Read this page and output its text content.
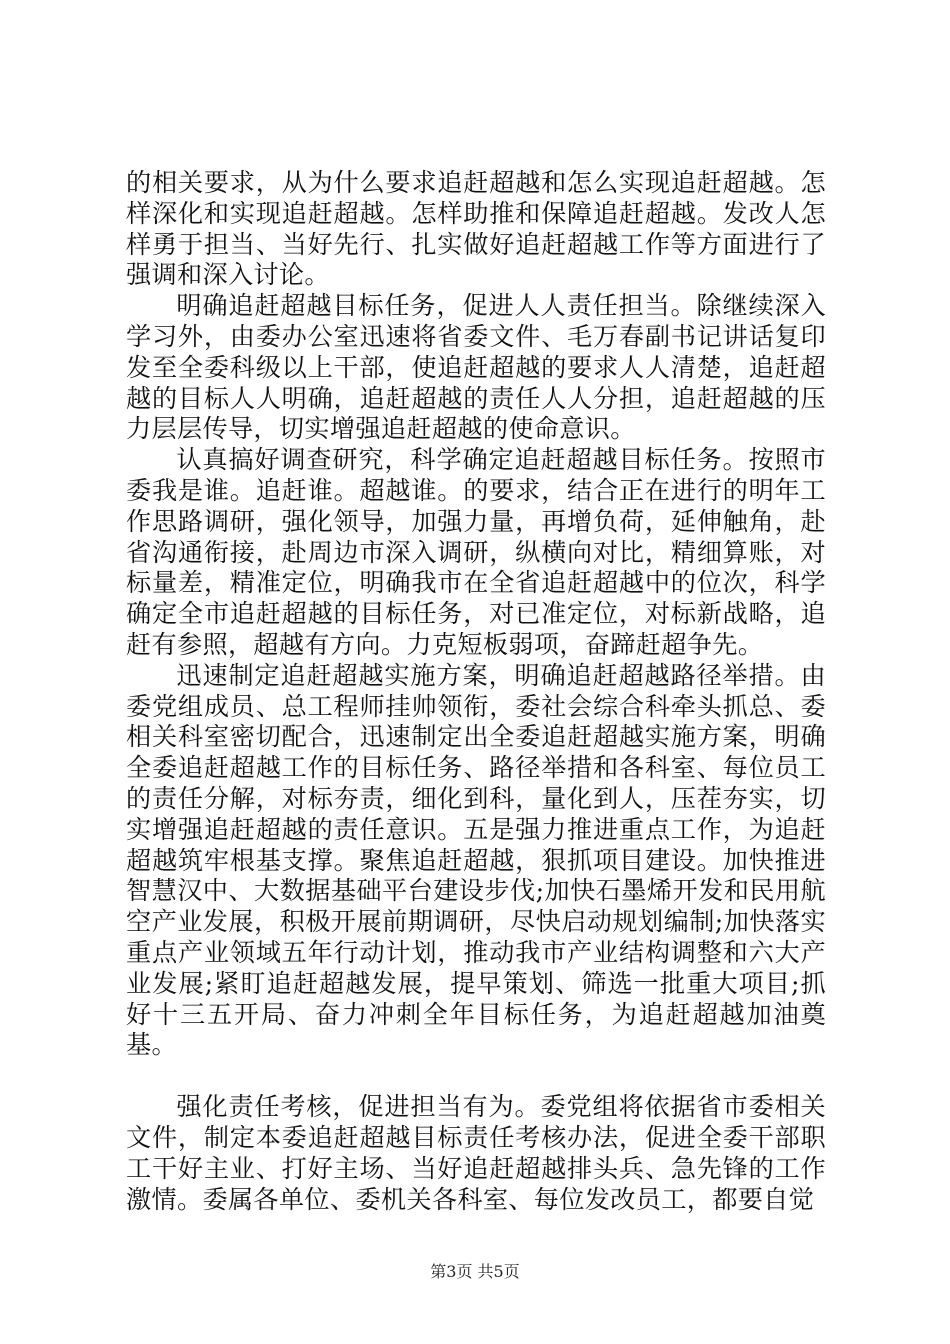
的相关要求，从为什么要求追赶超越和怎么实现追赶超越。怎样深化和实现追赶超越。怎样助推和保障追赶超越。发改人怎样勇于担当、当好先行、扎实做好追赶超越工作等方面进行了强调和深入讨论。

明确追赶超越目标任务，促进人人责任担当。除继续深入学习外，由委办公室迅速将省委文件、毛万春副书记讲话复印发至全委科级以上干部，使追赶超越的要求人人清楚，追赶超越的目标人人明确，追赶超越的责任人人分担，追赶超越的压力层层传导，切实增强追赶超越的使命意识。

认真搞好调查研究，科学确定追赶超越目标任务。按照市委我是谁。追赶谁。超越谁。的要求，结合正在进行的明年工作思路调研，强化领导，加强力量，再增负荷，延伸触角，赴省沟通衔接，赴周边市深入调研，纵横向对比，精细算账，对标量差，精准定位，明确我市在全省追赶超越中的位次，科学确定全市追赶超越的目标任务，对已准定位，对标新战略，追赶有参照，超越有方向。力克短板弱项，奋蹄赶超争先。

迅速制定追赶超越实施方案，明确追赶超越路径举措。由委党组成员、总工程师挂帅领衔，委社会综合科牵头抓总、委相关科室密切配合，迅速制定出全委追赶超越实施方案，明确全委追赶超越工作的目标任务、路径举措和各科室、每位员工的责任分解，对标夯责，细化到科，量化到人，压茬夯实，切实增强追赶超越的责任意识。五是强力推进重点工作，为追赶超越筑牢根基支撑。聚焦追赶超越，狠抓项目建设。加快推进智慧汉中、大数据基础平台建设步伐;加快石墨烯开发和民用航空产业发展，积极开展前期调研，尽快启动规划编制;加快落实重点产业领域五年行动计划，推动我市产业结构调整和六大产业发展;紧盯追赶超越发展，提早策划、筛选一批重大项目;抓好十三五开局、奋力冲刺全年目标任务，为追赶超越加油奠基。

强化责任考核，促进担当有为。委党组将依据省市委相关文件，制定本委追赶超越目标责任考核办法，促进全委干部职工干好主业、打好主场、当好追赶超越排头兵、急先锋的工作激情。委属各单位、委机关各科室、每位发改员工，都要自觉

第3页 共5页
